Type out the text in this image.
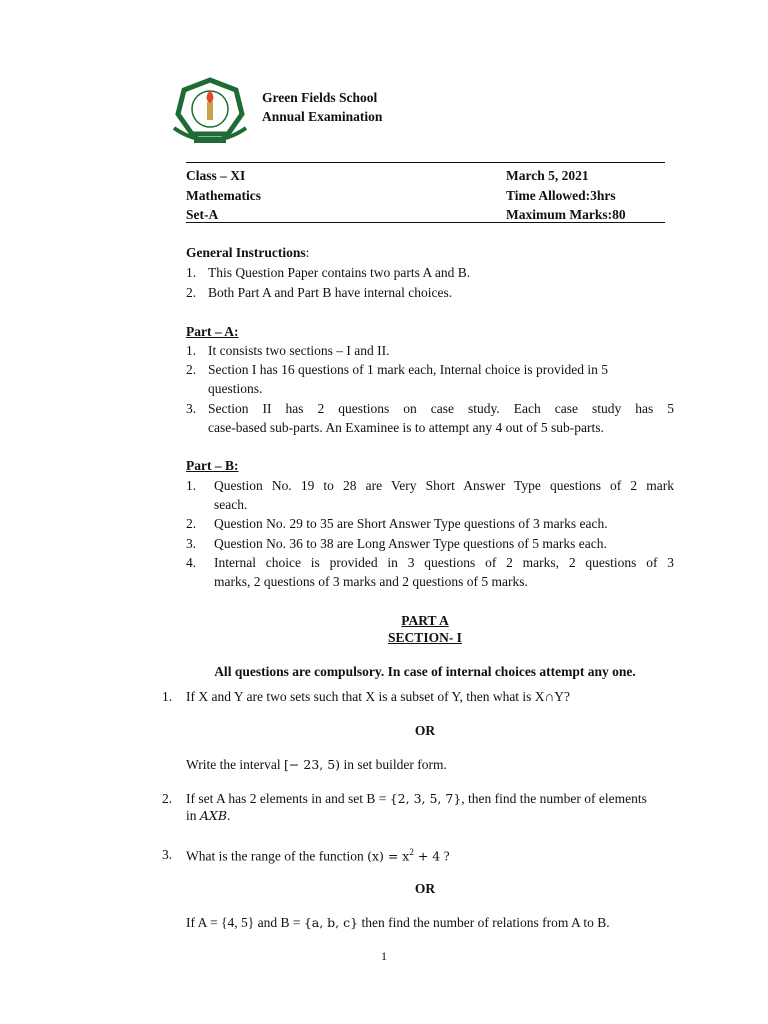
Green Fields School
Annual Examination
Class – XI	March 5, 2021
Mathematics	Time Allowed:3hrs
Set-A	Maximum Marks:80
General Instructions:
1. This Question Paper contains two parts A and B.
2. Both Part A and Part B have internal choices.
Part – A:
1. It consists two sections – I and II.
2. Section I has 16 questions of 1 mark each, Internal choice is provided in 5
questions.
3. Section II has 2 questions on case study. Each case study has 5
case-based sub-parts. An Examinee is to attempt any 4 out of 5 sub-parts.
Part – B:
1. Question No. 19 to 28 are Very Short Answer Type questions of 2 mark
seach.
2. Question No. 29 to 35 are Short Answer Type questions of 3 marks each.
3. Question No. 36 to 38 are Long Answer Type questions of 5 marks each.
4. Internal choice is provided in 3 questions of 2 marks, 2 questions of 3
marks, 2 questions of 3 marks and 2 questions of 5 marks.
PART A
SECTION- I
All questions are compulsory. In case of internal choices attempt any one.
1. If X and Y are two sets such that X is a subset of Y, then what is X∩Y?
OR
Write the interval [− 23, 5) in set builder form.
2. If set A has 2 elements in and set B = {2, 3, 5, 7}, then find the number of elements
in AXB.
3. What is the range of the function $(x) = x^2 + 4$ ?
OR
If A = {4, 5} and B = {a, b, c} then find the number of relations from A to B.
1
